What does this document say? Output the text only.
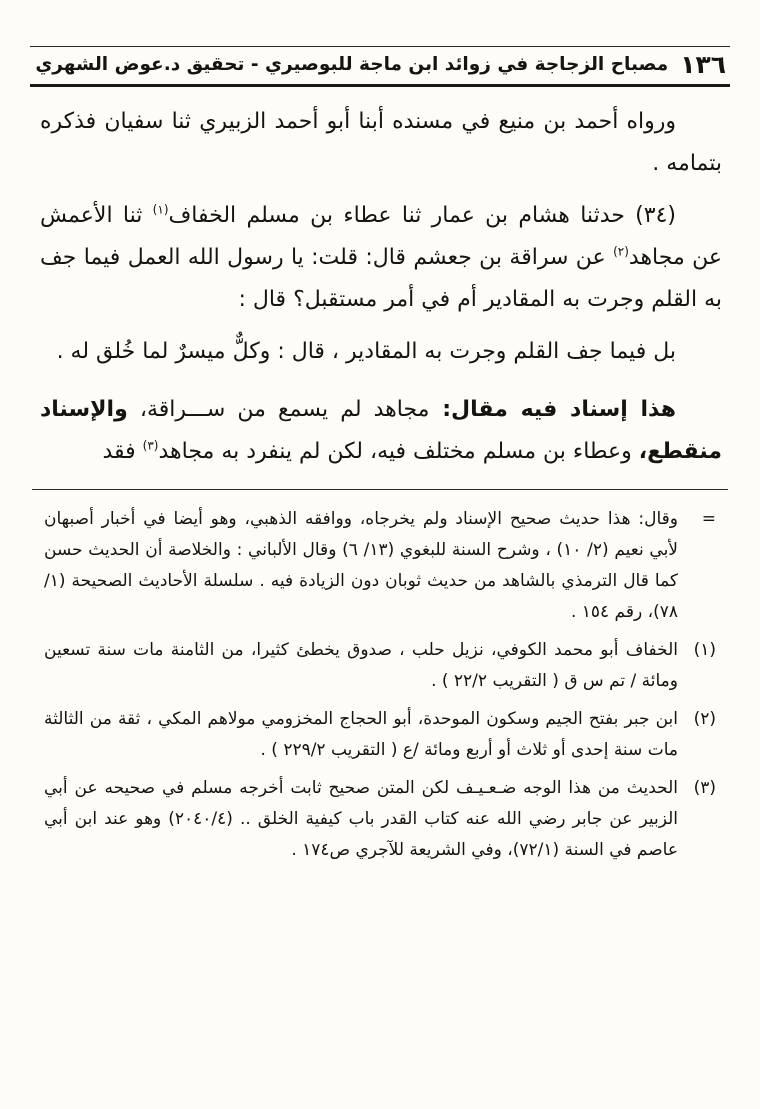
١٣٦
مصباح الزجاجة في زوائد ابن ماجة للبوصيري - تحقيق د.عوض الشهري

ورواه أحمد بن منيع في مسنده أبنا أبو أحمد الزبيري ثنا سفيان فذكره بتمامه .

(٣٤) حدثنا هشام بن عمار ثنا عطاء بن مسلم الخفاف$^{(١)}$ ثنا الأعمش عن مجاهد$^{(٢)}$ عن سراقة بن جعشم قال: قلت: يا رسول الله العمل فيما جف به القلم وجرت به المقادير أم في أمر مستقبل؟ قال :

بل فيما جف القلم وجرت به المقادير ، قال : وكلٌّ ميسرٌ لما خُلق له .

هذا إسناد فيه مقال: مجاهد لم يسمع من ســـراقة، والإسناد منقطع، وعطاء بن مسلم مختلف فيه، لكن لم ينفرد به مجاهد$^{(٣)}$ فقد

=
وقال: هذا حديث صحيح الإسناد ولم يخرجاه، ووافقه الذهبي، وهو أيضا في أخبار أصبهان لأبي نعيم (٢/ ١٠) ، وشرح السنة للبغوي (١٣/ ٦) وقال الألباني : والخلاصة أن الحديث حسن كما قال الترمذي بالشاهد من حديث ثوبان دون الزيادة فيه . سلسلة الأحاديث الصحيحة (١/ ٧٨)، رقم ١٥٤ .
(١)
الخفاف أبو محمد الكوفي، نزيل حلب ، صدوق يخطئ كثيرا، من الثامنة مات سنة تسعين ومائة / تم س ق ( التقريب ٢٢/٢ ) .
(٢)
ابن جبر بفتح الجيم وسكون الموحدة، أبو الحجاج المخزومي مولاهم المكي ، ثقة من الثالثة مات سنة إحدى أو ثلاث أو أربع ومائة /ع ( التقريب ٢٢٩/٢ ) .
(٣)
الحديث من هذا الوجه ضـعـيـف لكن المتن صحيح ثابت أخرجه مسلم في صحيحه عن أبي الزبير عن جابر رضي الله عنه كتاب القدر باب كيفية الخلق .. (٢٠٤٠/٤) وهو عند ابن أبي عاصم في السنة (٧٢/١)، وفي الشريعة للآجري ص١٧٤ .
